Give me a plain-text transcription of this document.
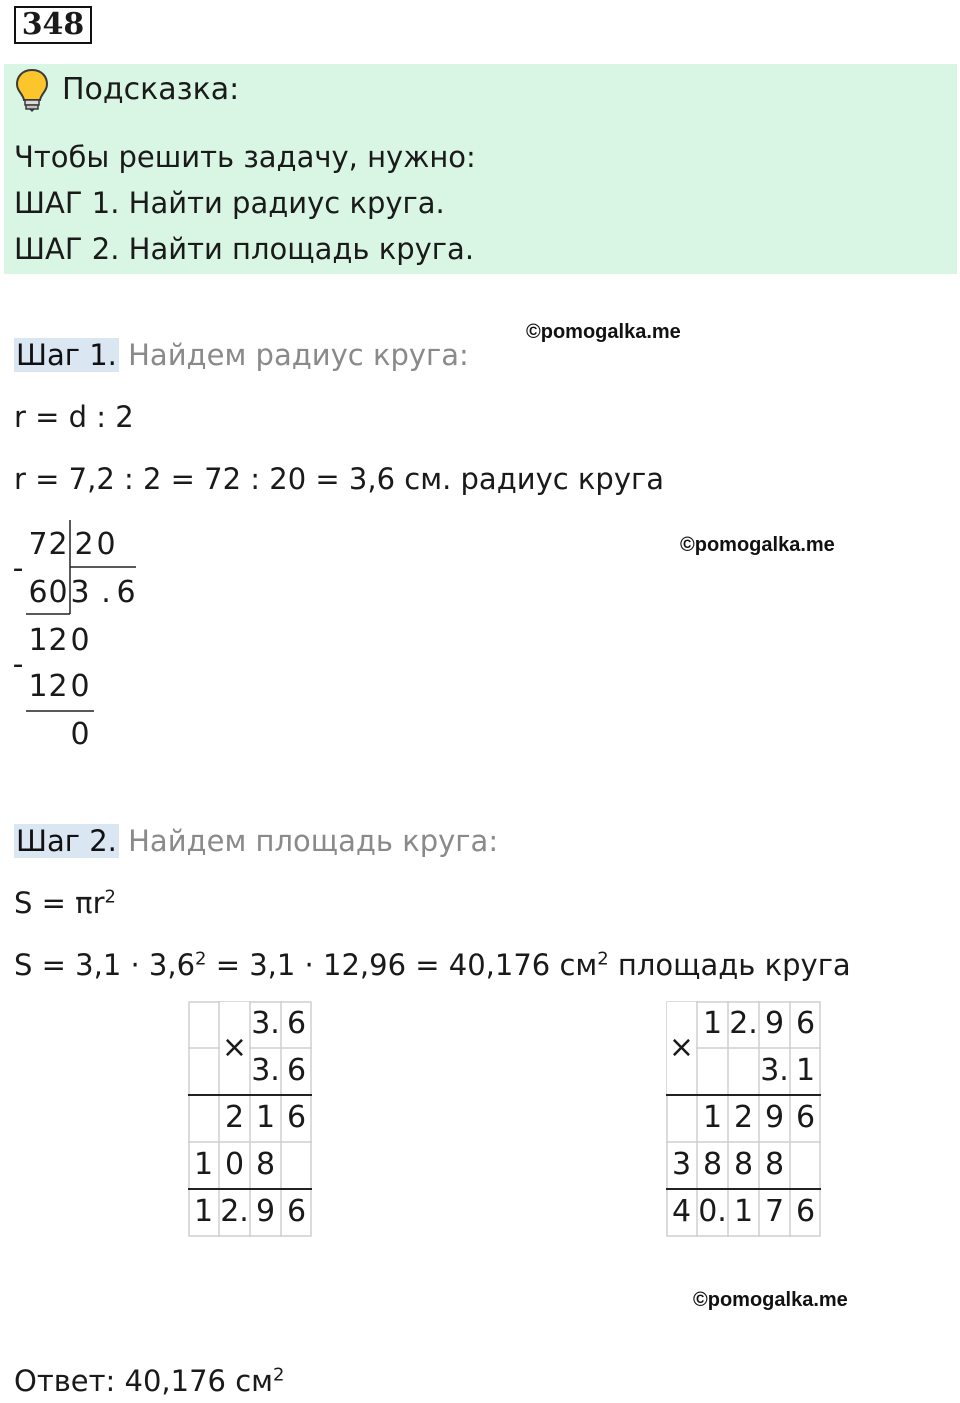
348
Подсказка:
Чтобы решить задачу, нужно:
ШАГ 1. Найти радиус круга.
ШАГ 2. Найти площадь круга.
©pomogalka.me
©pomogalka.me
©pomogalka.me
Шаг 1. Найдем радиус круга:
r = d : 2
r = 7,2 : 2 = 72 : 20 = 3,6 см. радиус круга
7 2 2 0
-
6 0 3 . 6
1 2 0
-
1 2 0
0
Шаг 2. Найдем площадь круга:
$S = \pi r^2$
$S = 3,1 \cdot 3,6^2 = 3,1 \cdot 12,96 = 40,176$ $см^2$ площадь круга
×
3. 6
3. 6
2 1 6
1 0 8
1 2. 9 6
×
1 2. 9 6
3. 1
1 2 9 6
3 8 8 8
4 0. 1 7 6
Ответ: 40,176 $см^2$
